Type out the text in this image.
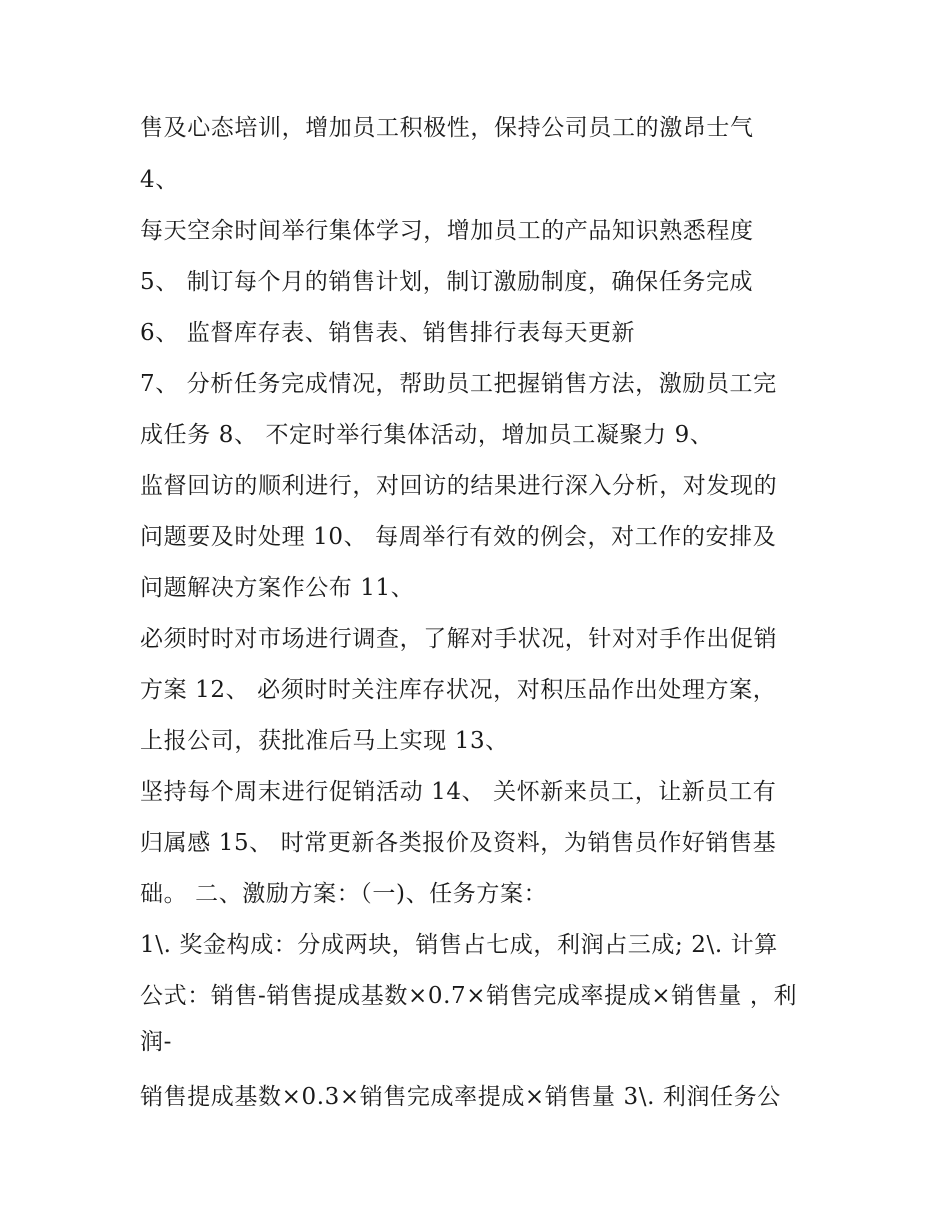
售及心态培训，增加员工积极性，保持公司员工的激昂士气
4、
每天空余时间举行集体学习，增加员工的产品知识熟悉程度
5、 制订每个月的销售计划，制订激励制度，确保任务完成
6、 监督库存表、销售表、销售排行表每天更新
7、 分析任务完成情况，帮助员工把握销售方法，激励员工完
成任务 8、 不定时举行集体活动，增加员工凝聚力 9、
监督回访的顺利进行，对回访的结果进行深入分析，对发现的
问题要及时处理 10、 每周举行有效的例会，对工作的安排及
问题解决方案作公布 11、
必须时时对市场进行调查，了解对手状况，针对对手作出促销
方案 12、 必须时时关注库存状况，对积压品作出处理方案，
上报公司，获批准后马上实现 13、
坚持每个周末进行促销活动 14、 关怀新来员工，让新员工有
归属感 15、 时常更新各类报价及资料，为销售员作好销售基
础。 二、激励方案：（一)、任务方案：
1\. 奖金构成：分成两块，销售占七成，利润占三成; 2\. 计算
公式：销售-销售提成基数×0.7×销售完成率提成×销售量 ，利
润-
销售提成基数×0.3×销售完成率提成×销售量 3\. 利润任务公
